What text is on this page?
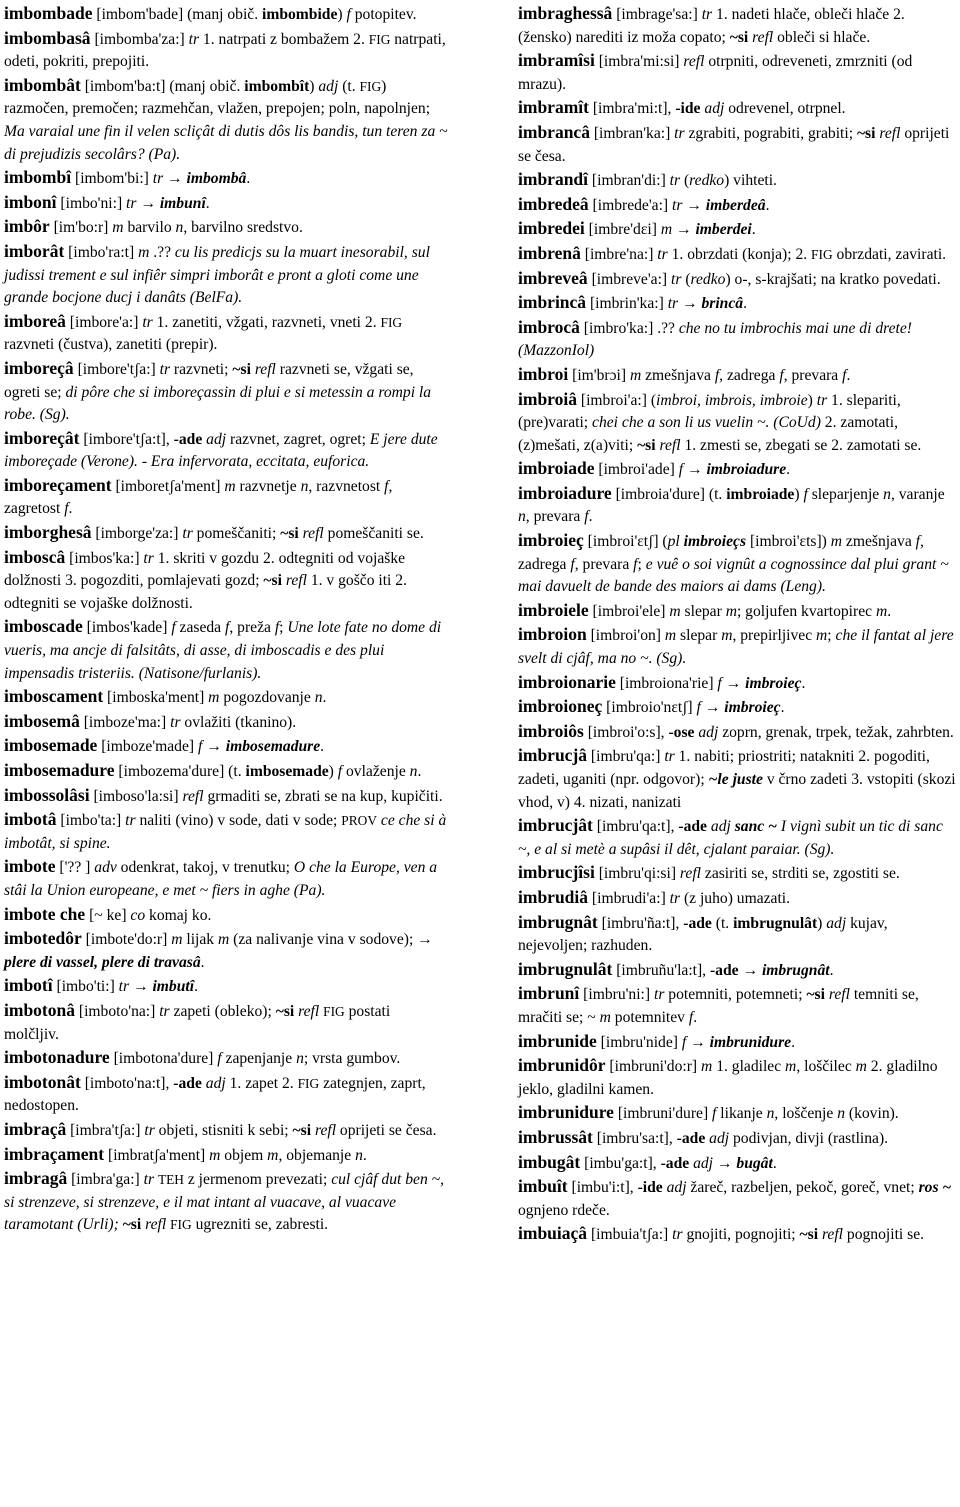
imbombade [imbom'bade] (manj obič. imbombide) f potopitev.

imbombasâ [imbomba'za:] tr 1. natrpati z bombažem 2. FIG natrpati, odeti, pokriti, prepojiti.

imbombât [imbom'ba:t] (manj obič. imbombît) adj (t. FIG) razmočen, premočen; razmehčan, vlažen, prepojen; poln, napolnjen; Ma varaial une fin il velen scliçât di dutis dôs lis bandis, tun teren za ~ di prejudizis secolârs? (Pa).

imbombî [imbom'bi:] tr → imbombâ.

imbonî [imbo'ni:] tr → imbunî.

imbôr [im'bo:r] m barvilo n, barvilno sredstvo.

imborât [imbo'ra:t] m .?? cu lis predicjs su la muart inesorabil, sul judissi trement e sul infiêr simpri imborât e pront a gloti come une grande bocjone ducj i danâts (BelFa).

imboreâ [imbore'a:] tr 1. zanetiti, vžgati, razvneti, vneti 2. FIG razvneti (čustva), zanetiti (prepir).

imboreçâ [imbore'tʃa:] tr razvneti; ~si refl razvneti se, vžgati se, ogreti se; di pôre che si imboreçassin di plui e si metessin a rompi la robe. (Sg).

imboreçât [imbore'tʃa:t], -ade adj razvnet, zagret, ogret; E jere dute imboreçade (Verone). - Era infervorata, eccitata, euforica.

imboreçament [imboretʃa'ment] m razvnetje n, razvnetost f, zagretost f.

imborghesâ [imborge'za:] tr pomeščaniti; ~si refl pomeščaniti se.

imboscâ [imbos'ka:] tr 1. skriti v gozdu 2. odtegniti od vojaške dolžnosti 3. pogozditi, pomlajevati gozd; ~si refl 1. v goščo iti 2. odtegniti se vojaške dolžnosti.

imboscade [imbos'kade] f zaseda f, preža f; Une lote fate no dome di vueris, ma ancje di falsitâts, di asse, di imboscadis e des plui impensadis tristeriis. (Natisone/furlanis).

imboscament [imboska'ment] m pogozdovanje n.

imbosemâ [imboze'ma:] tr ovlažiti (tkanino).

imbosemade [imboze'made] f → imbosemadure.

imbosemadure [imbozema'dure] (t. imbosemade) f ovlaženje n.

imbossolâsi [imboso'la:si] refl grmaditi se, zbrati se na kup, kupičiti.

imbotâ [imbo'ta:] tr naliti (vino) v sode, dati v sode; PROV ce che si à imbotât, si spine.

imbote ['?? ] adv odenkrat, takoj, v trenutku; O che la Europe, ven a stâi la Union europeane, e met ~ fiers in aghe (Pa).

imbote che [~ ke] co komaj ko.

imbotedôr [imbote'do:r] m lijak m (za nalivanje vina v sodove); → plere di vassel, plere di travasâ.

imbotî [imbo'ti:] tr → imbutî.

imbotonâ [imboto'na:] tr zapeti (obleko); ~si refl FIG postati molčljiv.

imbotonadure [imbotona'dure] f zapenjanje n; vrsta gumbov.

imbotonât [imboto'na:t], -ade adj 1. zapet 2. FIG zategnjen, zaprt, nedostopen.

imbraçâ [imbra'tʃa:] tr objeti, stisniti k sebi; ~si refl oprijeti se česa.

imbraçament [imbratʃa'ment] m objem m, objemanje n.

imbragâ [imbra'ga:] tr TEH z jermenom prevezati; cul cjâf dut ben ~, si strenzeve, si strenzeve, e il mat intant al vuacave, al vuacave taramotant (Urli); ~si refl FIG ugrezniti se, zabresti.

imbraghessâ [imbrage'sa:] tr 1. nadeti hlače, obleči hlače 2. (žensko) narediti iz moža copato; ~si refl obleči si hlače.

imbramîsi [imbra'mi:si] refl otrpniti, odreveneti, zmrzniti (od mrazu).

imbramît [imbra'mi:t], -ide adj odrevenel, otrpnel.

imbrancâ [imbran'ka:] tr zgrabiti, pograbiti, grabiti; ~si refl oprijeti se česa.

imbrandî [imbran'di:] tr (redko) vihteti.

imbredeâ [imbrede'a:] tr → imberdeâ.

imbredei [imbre'dɛi] m → imberdei.

imbrenâ [imbre'na:] tr 1. obrzdati (konja); 2. FIG obrzdati, zavirati.

imbreveâ [imbreve'a:] tr (redko) o-, s-krajšati; na kratko povedati.

imbrincâ [imbrin'ka:] tr → brincâ.

imbrocâ [imbro'ka:] .?? che no tu imbrochis mai une di drete! (MazzonIol)

imbroi [im'brɔi] m zmešnjava f, zadrega f, prevara f.

imbroiâ [imbroi'a:] (imbroi, imbrois, imbroie) tr 1. slepariti, (pre)varati; chei che a son li us vuelin ~. (CoUd) 2. zamotati, (z)mešati, z(a)viti; ~si refl 1. zmesti se, zbegati se 2. zamotati se.

imbroiade [imbroi'ade] f → imbroiadure.

imbroiadure [imbroia'dure] (t. imbroiade) f sleparjenje n, varanje n, prevara f.

imbroieç [imbroi'ɛtʃ] (pl imbroieçs [imbroi'ɛts]) m zmešnjava f, zadrega f, prevara f; e vuê o soi vignût a cognossince dal plui grant ~ mai davuelt de bande des maiors ai dams (Leng).

imbroiele [imbroi'ele] m slepar m; goljufen kvartopirec m.

imbroion [imbroi'on] m slepar m, prepirljivec m; che il fantat al jere svelt di cjâf, ma no ~. (Sg).

imbroionarie [imbroiona'rie] f → imbroieç.

imbroioneç [imbroio'nɛtʃ] f → imbroieç.

imbroiôs [imbroi'o:s], -ose adj zoprn, grenak, trpek, težak, zahrbten.

imbrucjâ [imbru'qa:] tr 1. nabiti; priostriti; natakniti 2. pogoditi, zadeti, uganiti (npr. odgovor); ~le juste v črno zadeti 3. vstopiti (skozi vhod, v) 4. nizati, nanizati

imbrucjât [imbru'qa:t], -ade adj sanc ~ I vignì subit un tic di sanc ~, e al si metè a supâsi il dêt, cjalant paraiar. (Sg).

imbrucjîsi [imbru'qi:si] refl zasiriti se, strditi se, zgostiti se.

imbrudiâ [imbrudi'a:] tr (z juho) umazati.

imbrugnât [imbru'ña:t], -ade (t. imbrugnulât) adj kujav, nejevoljen; razhuden.

imbrugnulât [imbruñu'la:t], -ade → imbrugnât.

imbrunî [imbru'ni:] tr potemniti, potemneti; ~si refl temniti se, mračiti se; ~ m potemnitev f.

imbrunide [imbru'nide] f → imbrunidure.

imbrunidôr [imbruni'do:r] m 1. gladilec m, loščilec m 2. gladilno jeklo, gladilni kamen.

imbrunidure [imbruni'dure] f likanje n, loščenje n (kovin).

imbrussât [imbru'sa:t], -ade adj podivjan, divji (rastlina).

imbugât [imbu'ga:t], -ade adj → bugât.

imbuît [imbu'i:t], -ide adj žareč, razbeljen, pekoč, goreč, vnet; ros ~ ognjeno rdeče.

imbuiaçâ [imbuia'tʃa:] tr gnojiti, pognojiti; ~si refl pognojiti se.
